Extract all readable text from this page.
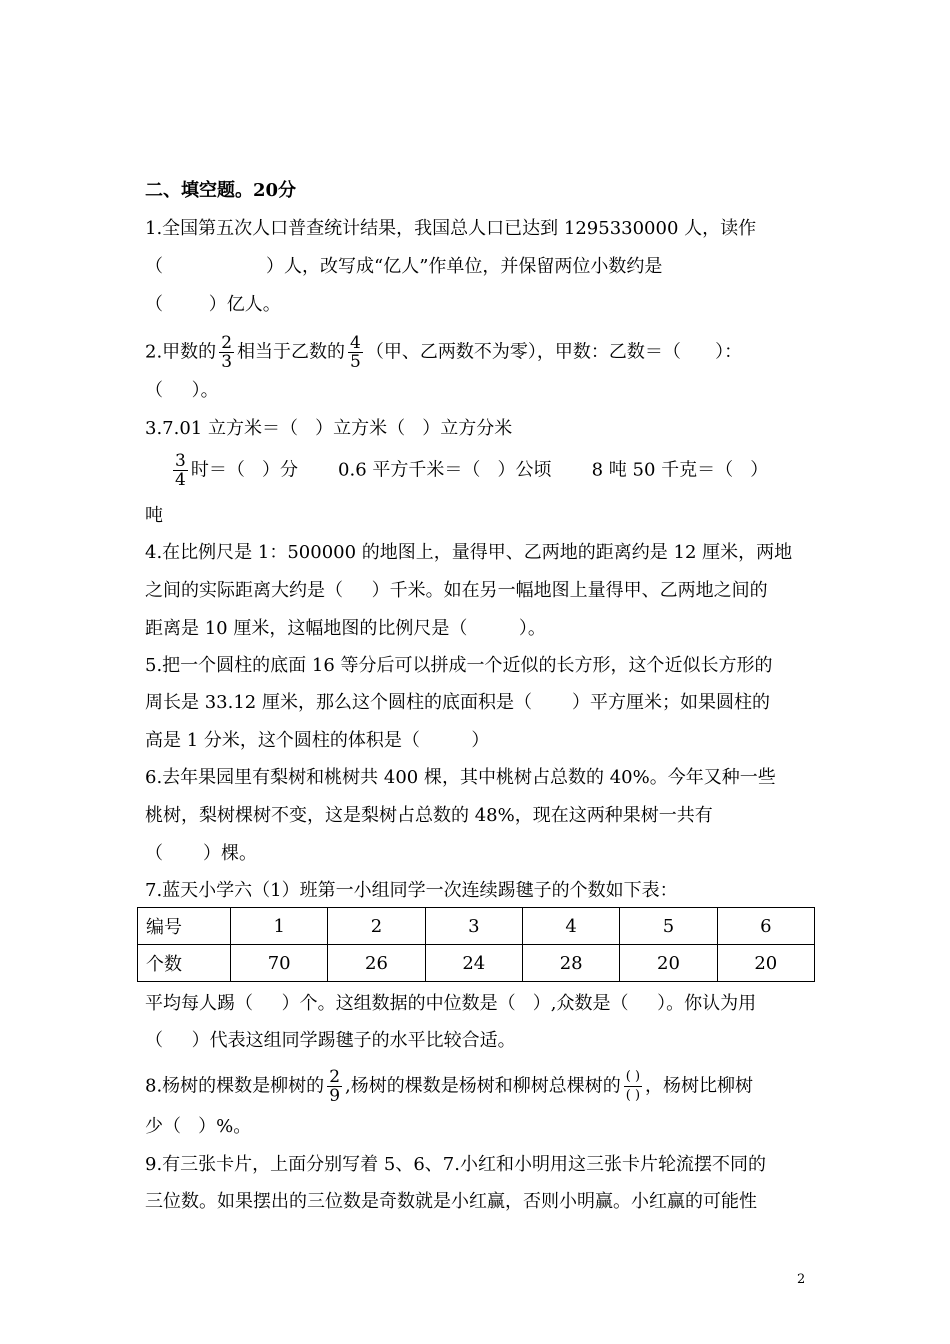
二、填空题。20分
1.全国第五次人口普查统计结果，我国总人口已达到 1295330000 人，读作
（                  ）人，改写成“亿人”作单位，并保留两位小数约是
（        ）亿人。
2.甲数的 $\frac{2}{3}$ 相当于乙数的 $\frac{4}{5}$ （甲、乙两数不为零），甲数：乙数＝（      ）：
（     ）。
3.7.01 立方米＝（   ）立方米（   ）立方分米
$\frac{3}{4}$ 时＝（   ）分       0.6 平方千米＝（   ）公顷       8 吨 50 千克＝（   ）
吨
4.在比例尺是 1：500000 的地图上，量得甲、乙两地的距离约是 12 厘米，两地
之间的实际距离大约是（     ）千米。如在另一幅地图上量得甲、乙两地之间的
距离是 10 厘米，这幅地图的比例尺是（         ）。
5.把一个圆柱的底面 16 等分后可以拼成一个近似的长方形，这个近似长方形的
周长是 33.12 厘米，那么这个圆柱的底面积是（       ）平方厘米；如果圆柱的
高是 1 分米，这个圆柱的体积是（         ）
6.去年果园里有梨树和桃树共 400 棵，其中桃树占总数的 40%。今年又种一些
桃树，梨树棵树不变，这是梨树占总数的 48%，现在这两种果树一共有
（       ）棵。
7.蓝天小学六（1）班第一小组同学一次连续踢毽子的个数如下表：
编号	1	2	3	4	5	6
个数	70	26	24	28	20	20
平均每人踢（     ）个。这组数据的中位数是（   ）,众数是（     ）。你认为用
（     ）代表这组同学踢毽子的水平比较合适。
8.杨树的棵数是柳树的 $\frac{2}{9}$ ,杨树的棵数是杨树和柳树总棵树的 $\frac{( )}{( )}$ ，杨树比柳树
少（   ）%。
9.有三张卡片，上面分别写着 5、6、7.小红和小明用这三张卡片轮流摆不同的
三位数。如果摆出的三位数是奇数就是小红赢，否则小明赢。小红赢的可能性
2
